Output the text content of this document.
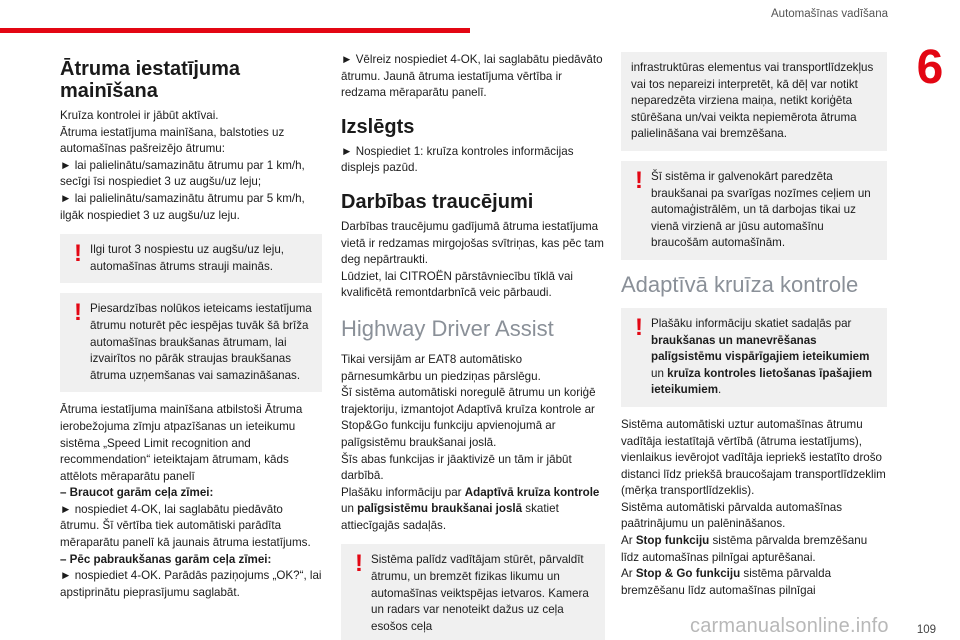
Automašīnas vadīšana
6
Ātruma iestatījuma mainīšana

Kruīza kontrolei ir jābūt aktīvai.

Ātruma iestatījuma mainīšana, balstoties uz automašīnas pašreizējo ātrumu:

► lai palielinātu/samazinātu ātrumu par 1 km/h, secīgi īsi nospiediet 3 uz augšu/uz leju;

► lai palielinātu/samazinātu ātrumu par 5 km/h, ilgāk nospiediet 3 uz augšu/uz leju.

! Ilgi turot 3 nospiestu uz augšu/uz leju, automašīnas ātrums strauji mainās.
! Piesardzības nolūkos ieteicams iestatījuma ātrumu noturēt pēc iespējas tuvāk šā brīža automašīnas braukšanas ātrumam, lai izvairītos no pārāk straujas braukšanas ātruma uzņemšanas vai samazināšanas.

Ātruma iestatījuma mainīšana atbilstoši Ātruma ierobežojuma zīmju atpazīšanas un ieteikumu sistēma „Speed Limit recognition and recommendation“ ieteiktajam ātrumam, kāds attēlots mēraparātu panelī

– Braucot garām ceļa zīmei:

► nospiediet 4-OK, lai saglabātu piedāvāto ātrumu. Šī vērtība tiek automātiski parādīta mēraparātu panelī kā jaunais ātruma iestatījums.

– Pēc pabraukšanas garām ceļa zīmei:

► nospiediet 4-OK. Parādās paziņojums „OK?“, lai apstiprinātu pieprasījumu saglabāt.

► Vēlreiz nospiediet 4-OK, lai saglabātu piedāvāto ātrumu. Jaunā ātruma iestatījuma vērtība ir redzama mēraparātu panelī.

Izslēgts

► Nospiediet 1: kruīza kontroles informācijas displejs pazūd.

Darbības traucējumi

Darbības traucējumu gadījumā ātruma iestatījuma vietā ir redzamas mirgojošas svītriņas, kas pēc tam deg nepārtraukti.

Lūdziet, lai CITROËN pārstāvniecību tīklā vai kvalificētā remontdarbnīcā veic pārbaudi.

Highway Driver Assist

Tikai versijām ar EAT8 automātisko pārnesumkārbu un piedziņas pārslēgu.

Šī sistēma automātiski noregulē ātrumu un koriģē trajektoriju, izmantojot Adaptīvā kruīza kontrole ar Stop&Go funkciju funkciju apvienojumā ar palīgsistēmu braukšanai joslā.

Šīs abas funkcijas ir jāaktivizē un tām ir jābūt darbībā.

Plašāku informāciju par Adaptīvā kruīza kontrole un palīgsistēmu braukšanai joslā skatiet attiecīgajās sadaļās.

! Sistēma palīdz vadītājam stūrēt, pārvaldīt ātrumu, un bremzēt fizikas likumu un automašīnas veiktspējas ietvaros. Kamera un radars var nenoteikt dažus uz ceļa esošos ceļa
infrastruktūras elementus vai transportlīdzekļus vai tos nepareizi interpretēt, kā dēļ var notikt neparedzēta virziena maiņa, netikt koriģēta stūrēšana un/vai veikta nepiemērota ātruma palielināšana vai bremzēšana.
! Šī sistēma ir galvenokārt paredzēta braukšanai pa svarīgas nozīmes ceļiem un automaģistrālēm, un tā darbojas tikai uz vienā virzienā ar jūsu automašīnu braucošām automašīnām.
Adaptīvā kruīza kontrole
! Plašāku informāciju skatiet sadaļās par braukšanas un manevrēšanas palīgsistēmu vispārīgajiem ieteikumiem un kruīza kontroles lietošanas īpašajiem ieteikumiem.

Sistēma automātiski uztur automašīnas ātrumu vadītāja iestatītajā vērtībā (ātruma iestatījums), vienlaikus ievērojot vadītāja iepriekš iestatīto drošo distanci līdz priekšā braucošajam transportlīdzeklim (mērķa transportlīdzeklis).

Sistēma automātiski pārvalda automašīnas paātrinājumu un palēnināšanos.

Ar Stop funkciju sistēma pārvalda bremzēšanu līdz automašīnas pilnīgai apturēšanai.

Ar Stop & Go funkciju sistēma pārvalda bremzēšanu līdz automašīnas pilnīgai

carmanualsonline.info 109
